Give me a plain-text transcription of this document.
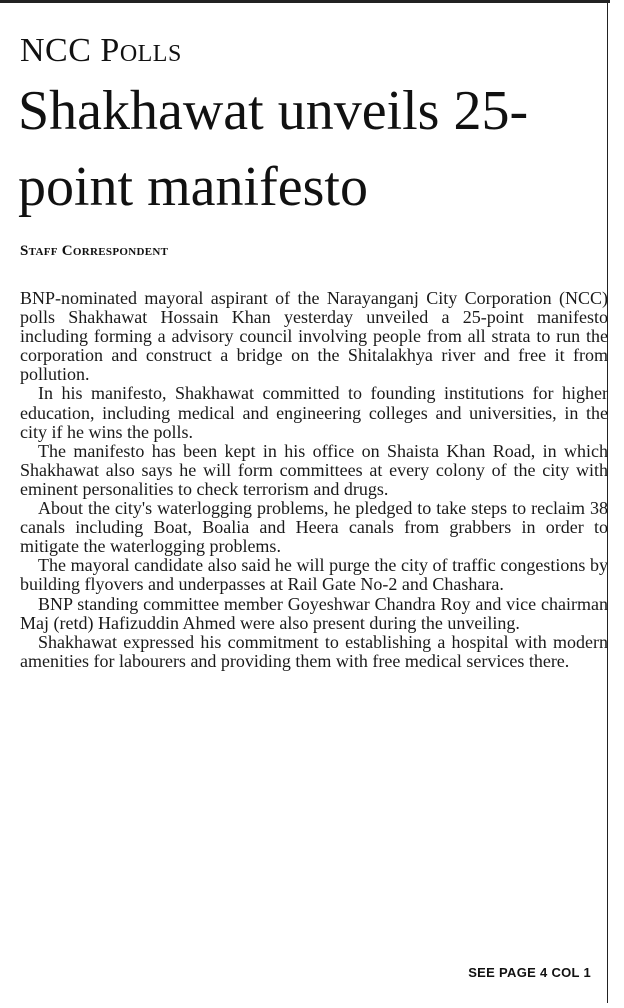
NCC Polls
Shakhawat unveils 25-point manifesto
Staff Correspondent

BNP-nominated mayoral aspirant of the Narayanganj City Corporation (NCC) polls Shakhawat Hossain Khan yesterday unveiled a 25-point manifesto including forming a advisory council involving people from all strata to run the corporation and construct a bridge on the Shitalakhya river and free it from pollution.

In his manifesto, Shakhawat committed to founding institutions for higher education, including medical and engineering colleges and universities, in the city if he wins the polls.

The manifesto has been kept in his office on Shaista Khan Road, in which Shakhawat also says he will form committees at every colony of the city with eminent personalities to check terrorism and drugs.

About the city's waterlogging problems, he pledged to take steps to reclaim 38 canals including Boat, Boalia and Heera canals from grabbers in order to mitigate the waterlogging problems.

The mayoral candidate also said he will purge the city of traffic congestions by building flyovers and underpasses at Rail Gate No-2 and Chashara.

BNP standing committee member Goyeshwar Chandra Roy and vice chairman Maj (retd) Hafizuddin Ahmed were also present during the unveiling.

Shakhawat expressed his commitment to establishing a hospital with modern amenities for labourers and providing them with free medical services there.

SEE PAGE 4 COL 1
